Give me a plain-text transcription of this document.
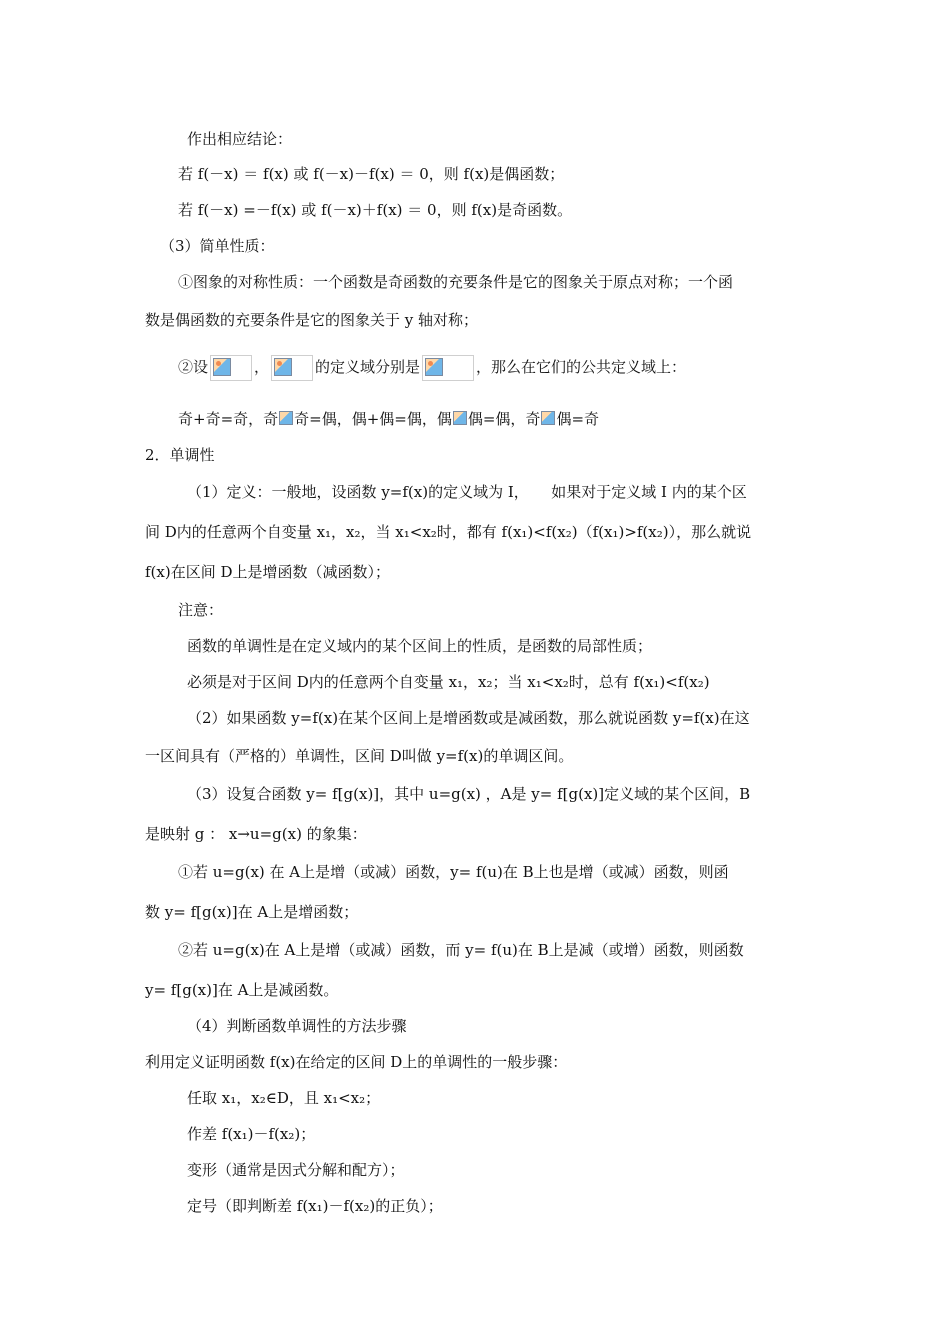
作出相应结论：
若 f(－x) ＝ f(x) 或 f(－x)－f(x) ＝ 0，则 f(x)是偶函数；
若 f(－x) =－f(x) 或 f(－x)＋f(x) ＝ 0，则 f(x)是奇函数。
（3）简单性质：
①图象的对称性质：一个函数是奇函数的充要条件是它的图象关于原点对称；一个函
数是偶函数的充要条件是它的图象关于 y 轴对称；
②设	，	的定义域分别是	，那么在它们的公共定义域上：
奇+奇=奇，奇 奇=偶，偶+偶=偶，偶 偶=偶，奇 偶=奇
2．单调性
（1）定义：一般地，设函数 y=f(x)的定义域为 I，　　如果对于定义域 I 内的某个区
间 D内的任意两个自变量 x₁，x₂，当 x₁<x₂时，都有 f(x₁)<f(x₂)（f(x₁)>f(x₂)），那么就说
f(x)在区间 D上是增函数（减函数）；
注意：
函数的单调性是在定义域内的某个区间上的性质，是函数的局部性质；
必须是对于区间 D内的任意两个自变量 x₁，x₂；当 x₁<x₂时，总有 f(x₁)<f(x₂)
（2）如果函数 y=f(x)在某个区间上是增函数或是减函数，那么就说函数 y=f(x)在这
一区间具有（严格的）单调性，区间 D叫做 y=f(x)的单调区间。
（3）设复合函数 y= f[g(x)]，其中 u=g(x) ，A是 y= f[g(x)]定义域的某个区间，B
是映射 g ： x→u=g(x) 的象集：
①若 u=g(x) 在 A上是增（或减）函数，y= f(u)在 B上也是增（或减）函数，则函
数 y= f[g(x)]在 A上是增函数；
②若 u=g(x)在 A上是增（或减）函数，而 y= f(u)在 B上是减（或增）函数，则函数
y= f[g(x)]在 A上是减函数。
（4）判断函数单调性的方法步骤
利用定义证明函数 f(x)在给定的区间 D上的单调性的一般步骤：
任取 x₁，x₂∈D，且 x₁<x₂；
作差 f(x₁)－f(x₂)；
变形（通常是因式分解和配方）；
定号（即判断差 f(x₁)－f(x₂)的正负）；
